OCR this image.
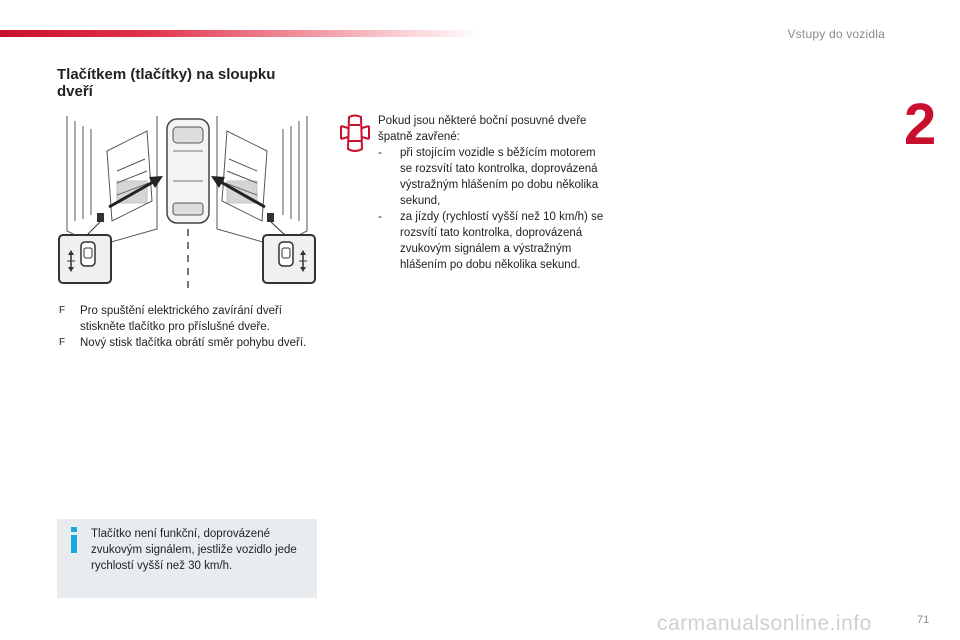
Vstupy do vozidla
2
Tlačítkem (tlačítky) na sloupku
dveří
F Pro spuštění elektrického zavírání dveří stiskněte tlačítko pro příslušné dveře.
F Nový stisk tlačítka obrátí směr pohybu dveří.
Pokud jsou některé boční posuvné dveře špatně zavřené:
- při stojícím vozidle s běžícím motorem se rozsvítí tato kontrolka, doprovázená výstražným hlášením po dobu několika sekund,
- za jízdy (rychlostí vyšší než 10 km/h) se rozsvítí tato kontrolka, doprovázená zvukovým signálem a výstražným hlášením po dobu několika sekund.
Tlačítko není funkční, doprovázené zvukovým signálem, jestliže vozidlo jede rychlostí vyšší než 30 km/h.
carmanualsonline.info	71
